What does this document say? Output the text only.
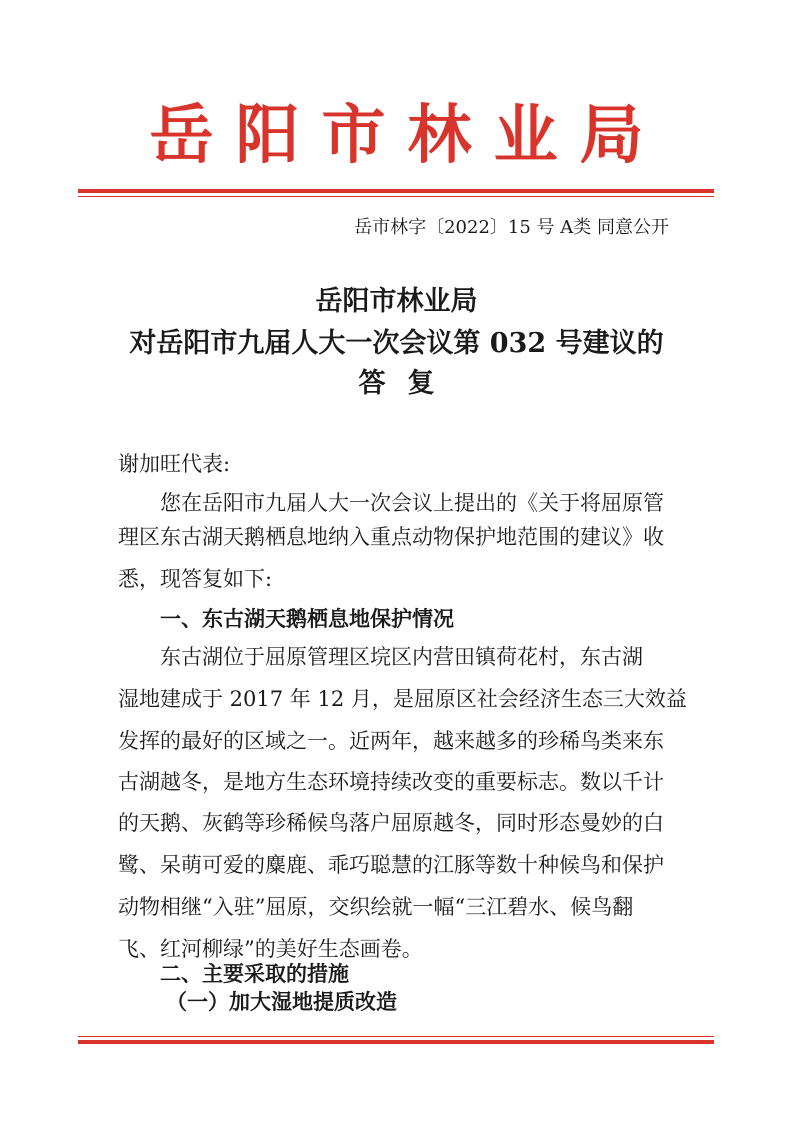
岳阳市林业局
岳市林字〔2022〕15 号 A类 同意公开
岳阳市林业局
对岳阳市九届人大一次会议第 032 号建议的
答复
谢加旺代表:
您在岳阳市九届人大一次会议上提出的《关于将屈原管
理区东古湖天鹅栖息地纳入重点动物保护地范围的建议》收
悉，现答复如下:
一、东古湖天鹅栖息地保护情况
东古湖位于屈原管理区垸区内营田镇荷花村，东古湖
湿地建成于 2017 年 12 月，是屈原区社会经济生态三大效益
发挥的最好的区域之一。近两年，越来越多的珍稀鸟类来东
古湖越冬，是地方生态环境持续改变的重要标志。数以千计
的天鹅、灰鹤等珍稀候鸟落户屈原越冬，同时形态曼妙的白
鹭、呆萌可爱的麋鹿、乖巧聪慧的江豚等数十种候鸟和保护
动物相继“入驻”屈原，交织绘就一幅“三江碧水、候鸟翻
飞、红河柳绿”的美好生态画卷。
二、主要采取的措施
（一）加大湿地提质改造
